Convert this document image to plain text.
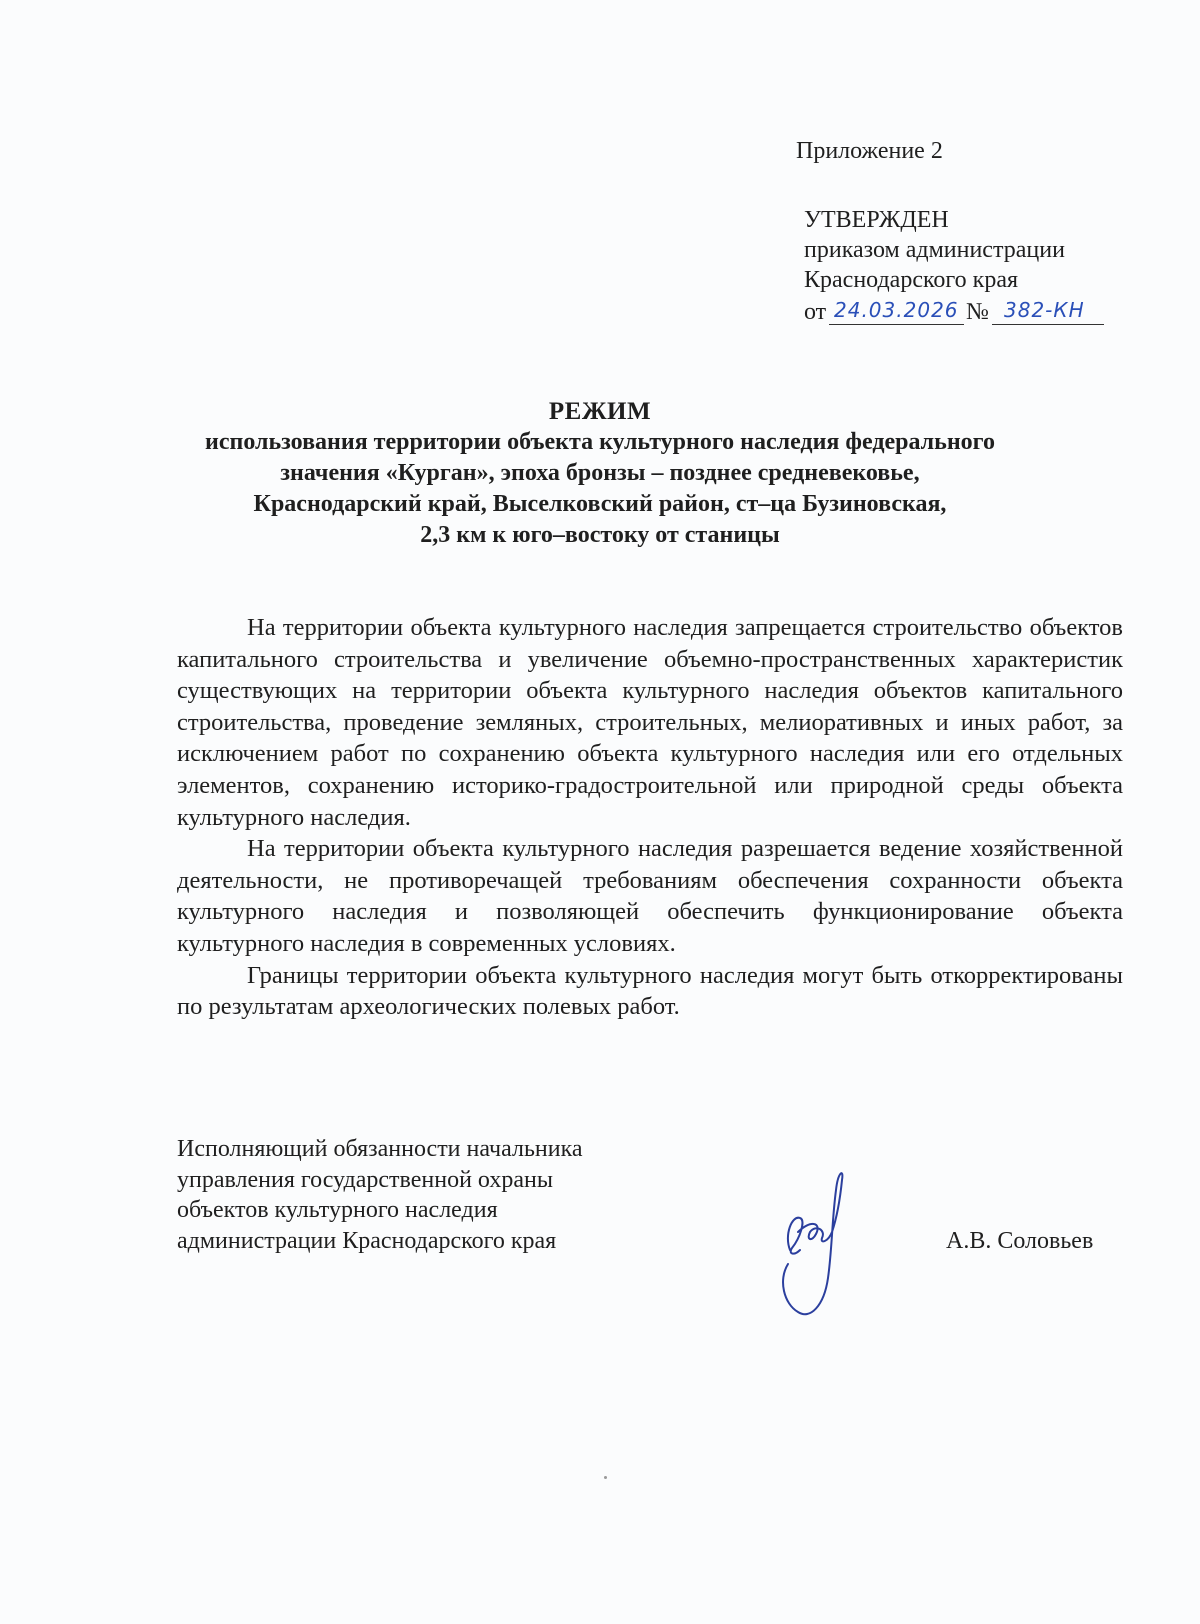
Приложение 2
УТВЕРЖДЕН
приказом администрации
Краснодарского края
от 24.03.2026 № 382-КН
РЕЖИМ
использования территории объекта культурного наследия федерального
значения «Курган», эпоха бронзы – позднее средневековье,
Краснодарский край, Выселковский район, ст–ца Бузиновская,
2,3 км к юго–востоку от станицы

На территории объекта культурного наследия запрещается строительство объектов капитального строительства и увеличение объемно-пространственных характеристик существующих на территории объекта культурного наследия объектов капитального строительства, проведение земляных, строительных, мелиоративных и иных работ, за исключением работ по сохранению объекта культурного наследия или его отдельных элементов, сохранению историко-градостроительной или природной среды объекта культурного наследия.

На территории объекта культурного наследия разрешается ведение хозяйственной деятельности, не противоречащей требованиям обеспечения сохранности объекта культурного наследия и позволяющей обеспечить функционирование объекта культурного наследия в современных условиях.

Границы территории объекта культурного наследия могут быть откорректированы по результатам археологических полевых работ.

Исполняющий обязанности начальника
управления государственной охраны
объектов культурного наследия
администрации Краснодарского края	А.В. Соловьев
